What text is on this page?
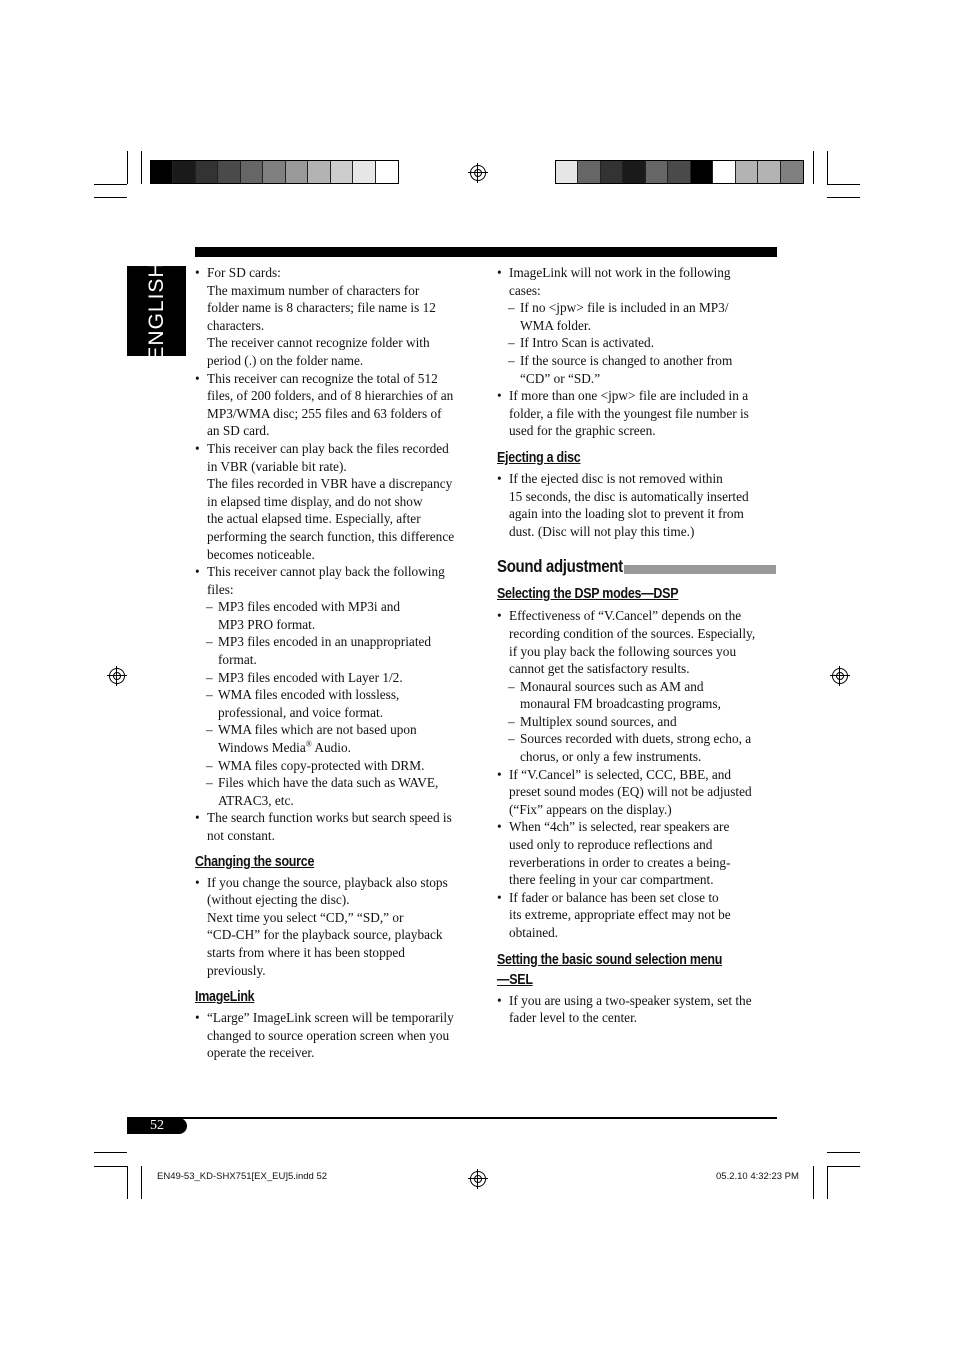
ENGLISH
•	For SD cards:
The maximum number of characters for
folder name is 8 characters; file name is 12
characters.
The receiver cannot recognize folder with
period (.) on the folder name.
• This receiver can recognize the total of 512
files, of 200 folders, and of 8 hierarchies of an
MP3/WMA disc; 255 files and 63 folders of
an SD card.
• This receiver can play back the files recorded
in VBR (variable bit rate).
The files recorded in VBR have a discrepancy
in elapsed time display, and do not show
the actual elapsed time. Especially, after
performing the search function, this difference
becomes noticeable.
• This receiver cannot play back the following
files:
– MP3 files encoded with MP3i and
MP3 PRO format.
– MP3 files encoded in an unappropriated
format.
– MP3 files encoded with Layer 1/2.
– WMA files encoded with lossless,
professional, and voice format.
– WMA files which are not based upon
Windows Media® Audio.
– WMA files copy-protected with DRM.
– Files which have the data such as WAVE,
ATRAC3, etc.
• The search function works but search speed is
not constant.
Changing the source
• If you change the source, playback also stops
(without ejecting the disc).
Next time you select “CD,” “SD,” or
“CD-CH” for the playback source, playback
starts from where it has been stopped
previously.
ImageLink
• “Large” ImageLink screen will be temporarily
changed to source operation screen when you
operate the receiver.
• ImageLink will not work in the following
cases:
– If no <jpw> file is included in an MP3/
WMA folder.
– If Intro Scan is activated.
– If the source is changed to another from
“CD” or “SD.”
• If more than one <jpw> file are included in a
folder, a file with the youngest file number is
used for the graphic screen.
Ejecting a disc
• If the ejected disc is not removed within
15 seconds, the disc is automatically inserted
again into the loading slot to prevent it from
dust. (Disc will not play this time.)
Sound adjustment
Selecting the DSP modes—DSP
• Effectiveness of “V.Cancel” depends on the
recording condition of the sources. Especially,
if you play back the following sources you
cannot get the satisfactory results.
– Monaural sources such as AM and
monaural FM broadcasting programs,
– Multiplex sound sources, and
– Sources recorded with duets, strong echo, a
chorus, or only a few instruments.
• If “V.Cancel” is selected, CCC, BBE, and
preset sound modes (EQ) will not be adjusted
(“Fix” appears on the display.)
• When “4ch” is selected, rear speakers are
used only to reproduce reflections and
reverberations in order to creates a being-
there feeling in your car compartment.
• If fader or balance has been set close to
its extreme, appropriate effect may not be
obtained.
Setting the basic sound selection menu
—SEL
• If you are using a two-speaker system, set the
fader level to the center.
52
EN49-53_KD-SHX751[EX_EU]5.indd 52	05.2.10 4:32:23 PM
